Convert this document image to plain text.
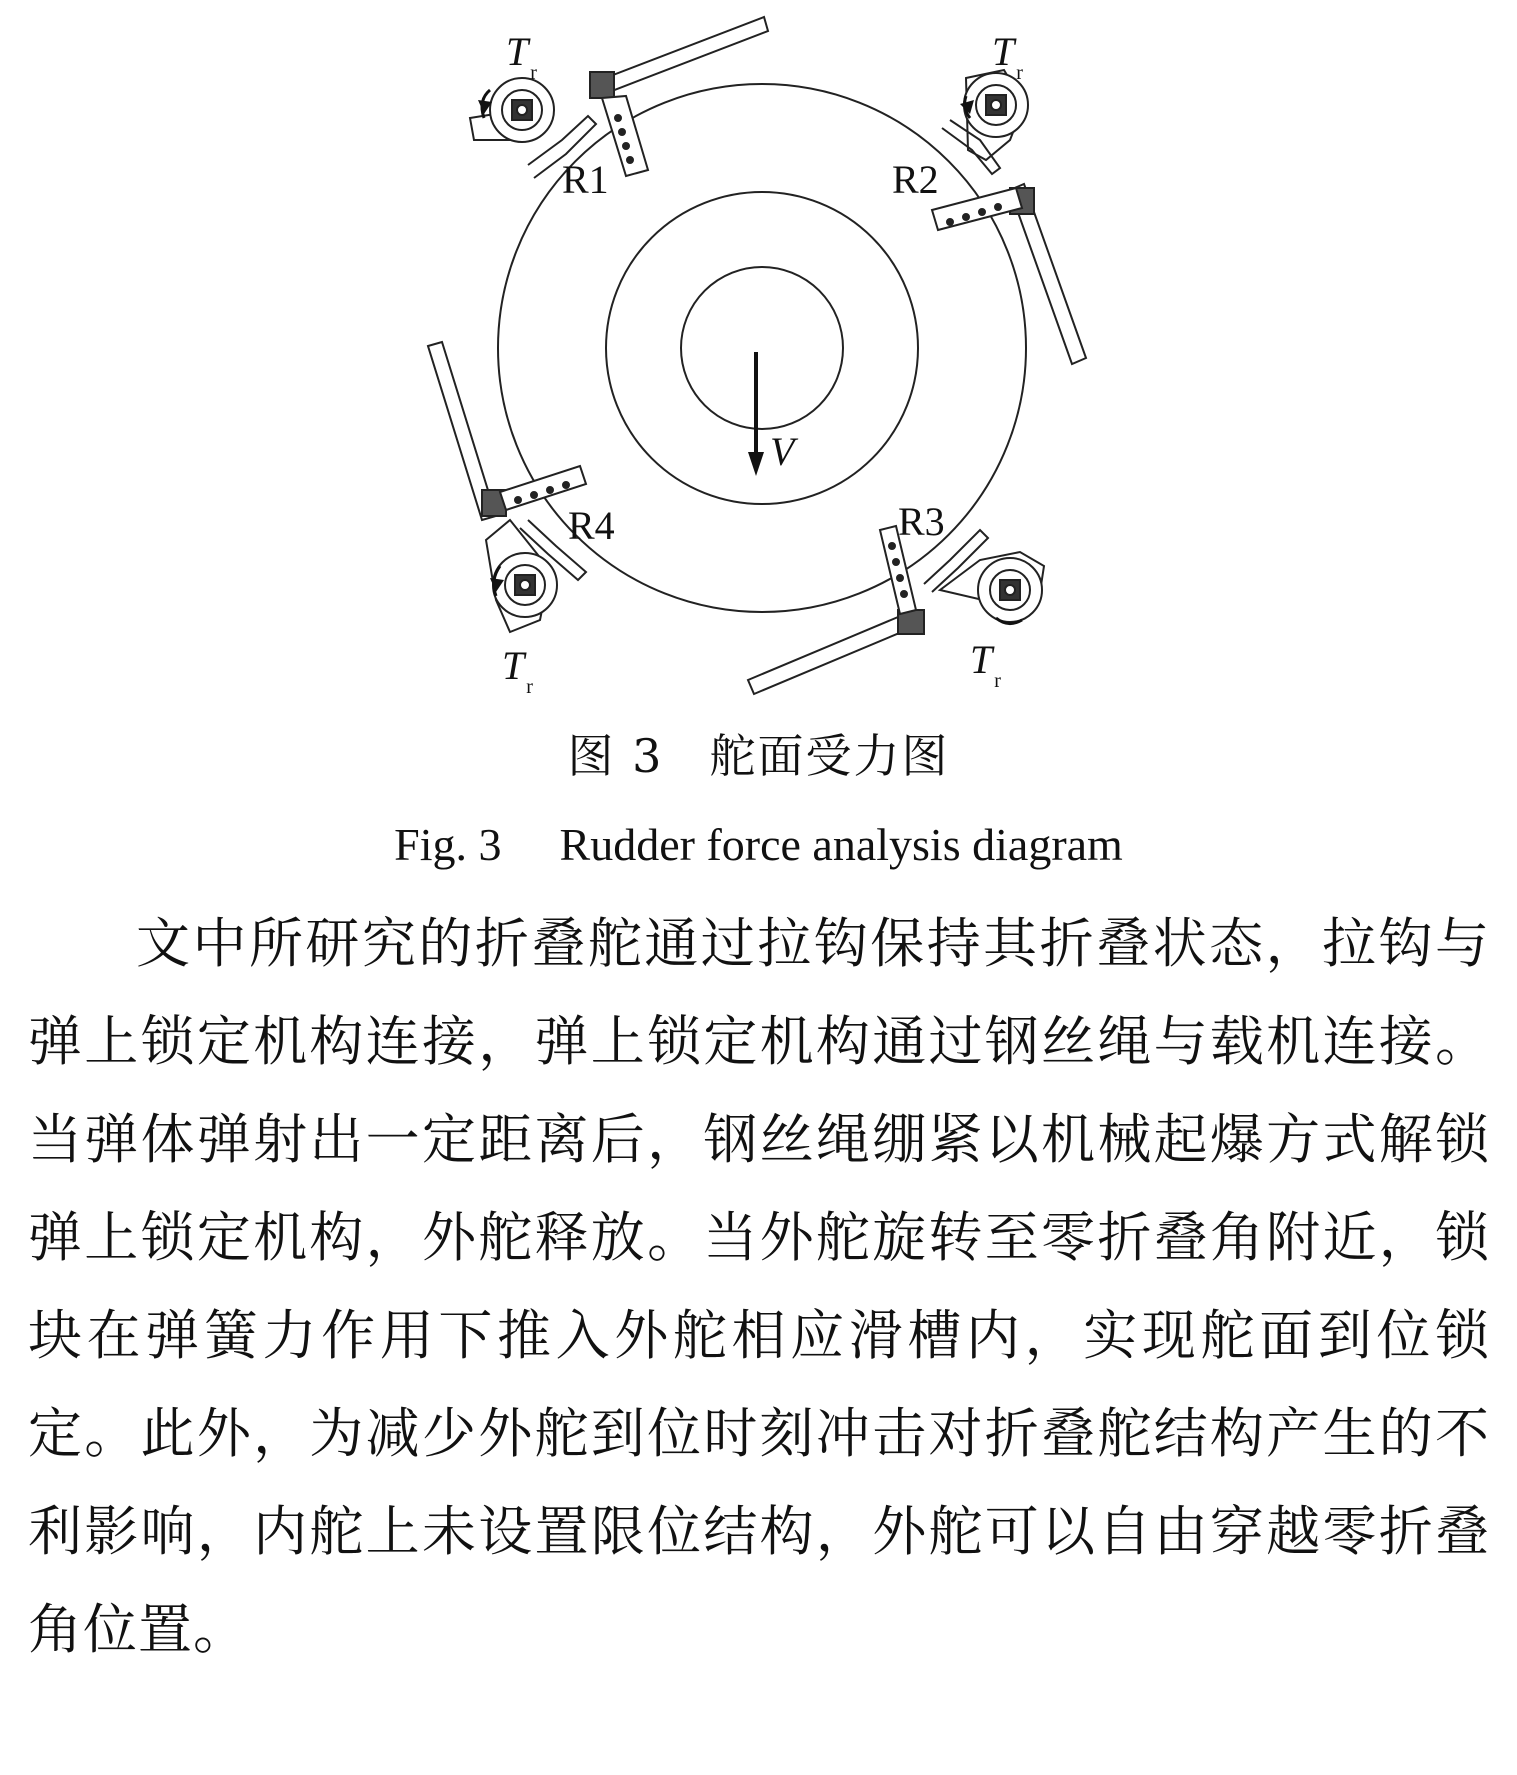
R1	R2
R3
R4
V
T $_r$	T $_r$
T $_r$
T $_r$
图 3 舵面受力图
Fig. 3 Rudder force analysis diagram

文中所研究的折叠舵通过拉钩保持其折叠状态，拉钩与弹上锁定机构连接，弹上锁定机构通过钢丝绳与载机连接。当弹体弹射出一定距离后，钢丝绳绷紧以机械起爆方式解锁弹上锁定机构，外舵释放。当外舵旋转至零折叠角附近，锁块在弹簧力作用下推入外舵相应滑槽内，实现舵面到位锁定。此外，为减少外舵到位时刻冲击对折叠舵结构产生的不利影响，内舵上未设置限位结构，外舵可以自由穿越零折叠角位置。
